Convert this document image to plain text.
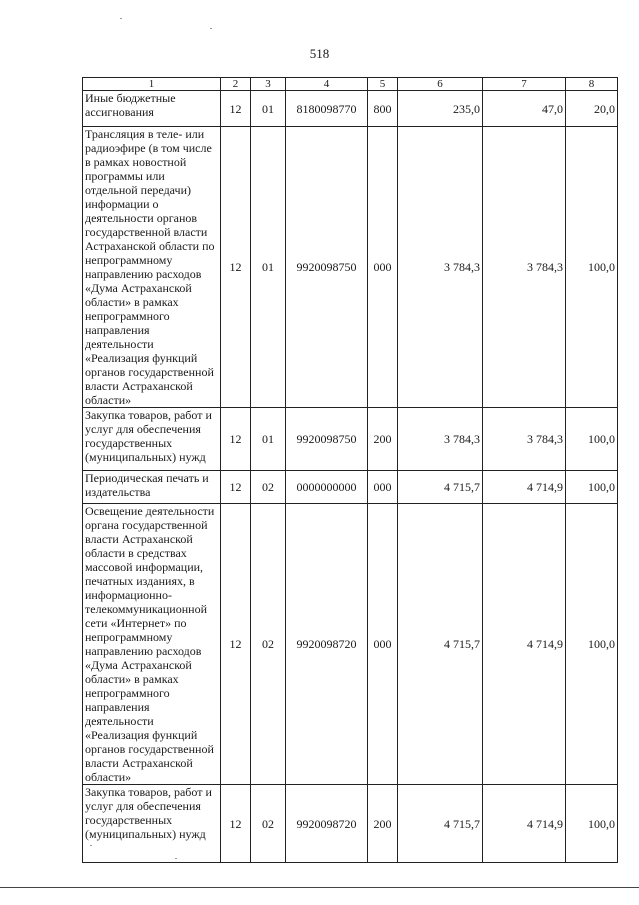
518
1	2	3	4	5	6	7	8
Иные бюджетные ассигнования	12	01	8180098770	800	235,0	47,0	20,0
Трансляция в теле- или радиоэфире (в том числе в рамках новостной программы или отдельной передачи) информации о деятельности органов государственной власти Астраханской области по непрограммному направлению расходов «Дума Астраханской области» в рамках непрограммного направления деятельности «Реализация функций органов государственной власти Астраханской области»	12	01	9920098750	000	3 784,3	3 784,3	100,0
Закупка товаров, работ и услуг для обеспечения государственных (муниципальных) нужд	12	01	9920098750	200	3 784,3	3 784,3	100,0
Периодическая печать и издательства	12	02	0000000000	000	4 715,7	4 714,9	100,0
Освещение деятельности органа государственной власти Астраханской области в средствах массовой информации, печатных изданиях, в информационно-телекоммуникационной сети «Интернет» по непрограммному направлению расходов «Дума Астраханской области» в рамках непрограммного направления деятельности «Реализация функций органов государственной власти Астраханской области»	12	02	9920098720	000	4 715,7	4 714,9	100,0
Закупка товаров, работ и услуг для обеспечения государственных (муниципальных) нужд	12	02	9920098720	200	4 715,7	4 714,9	100,0
